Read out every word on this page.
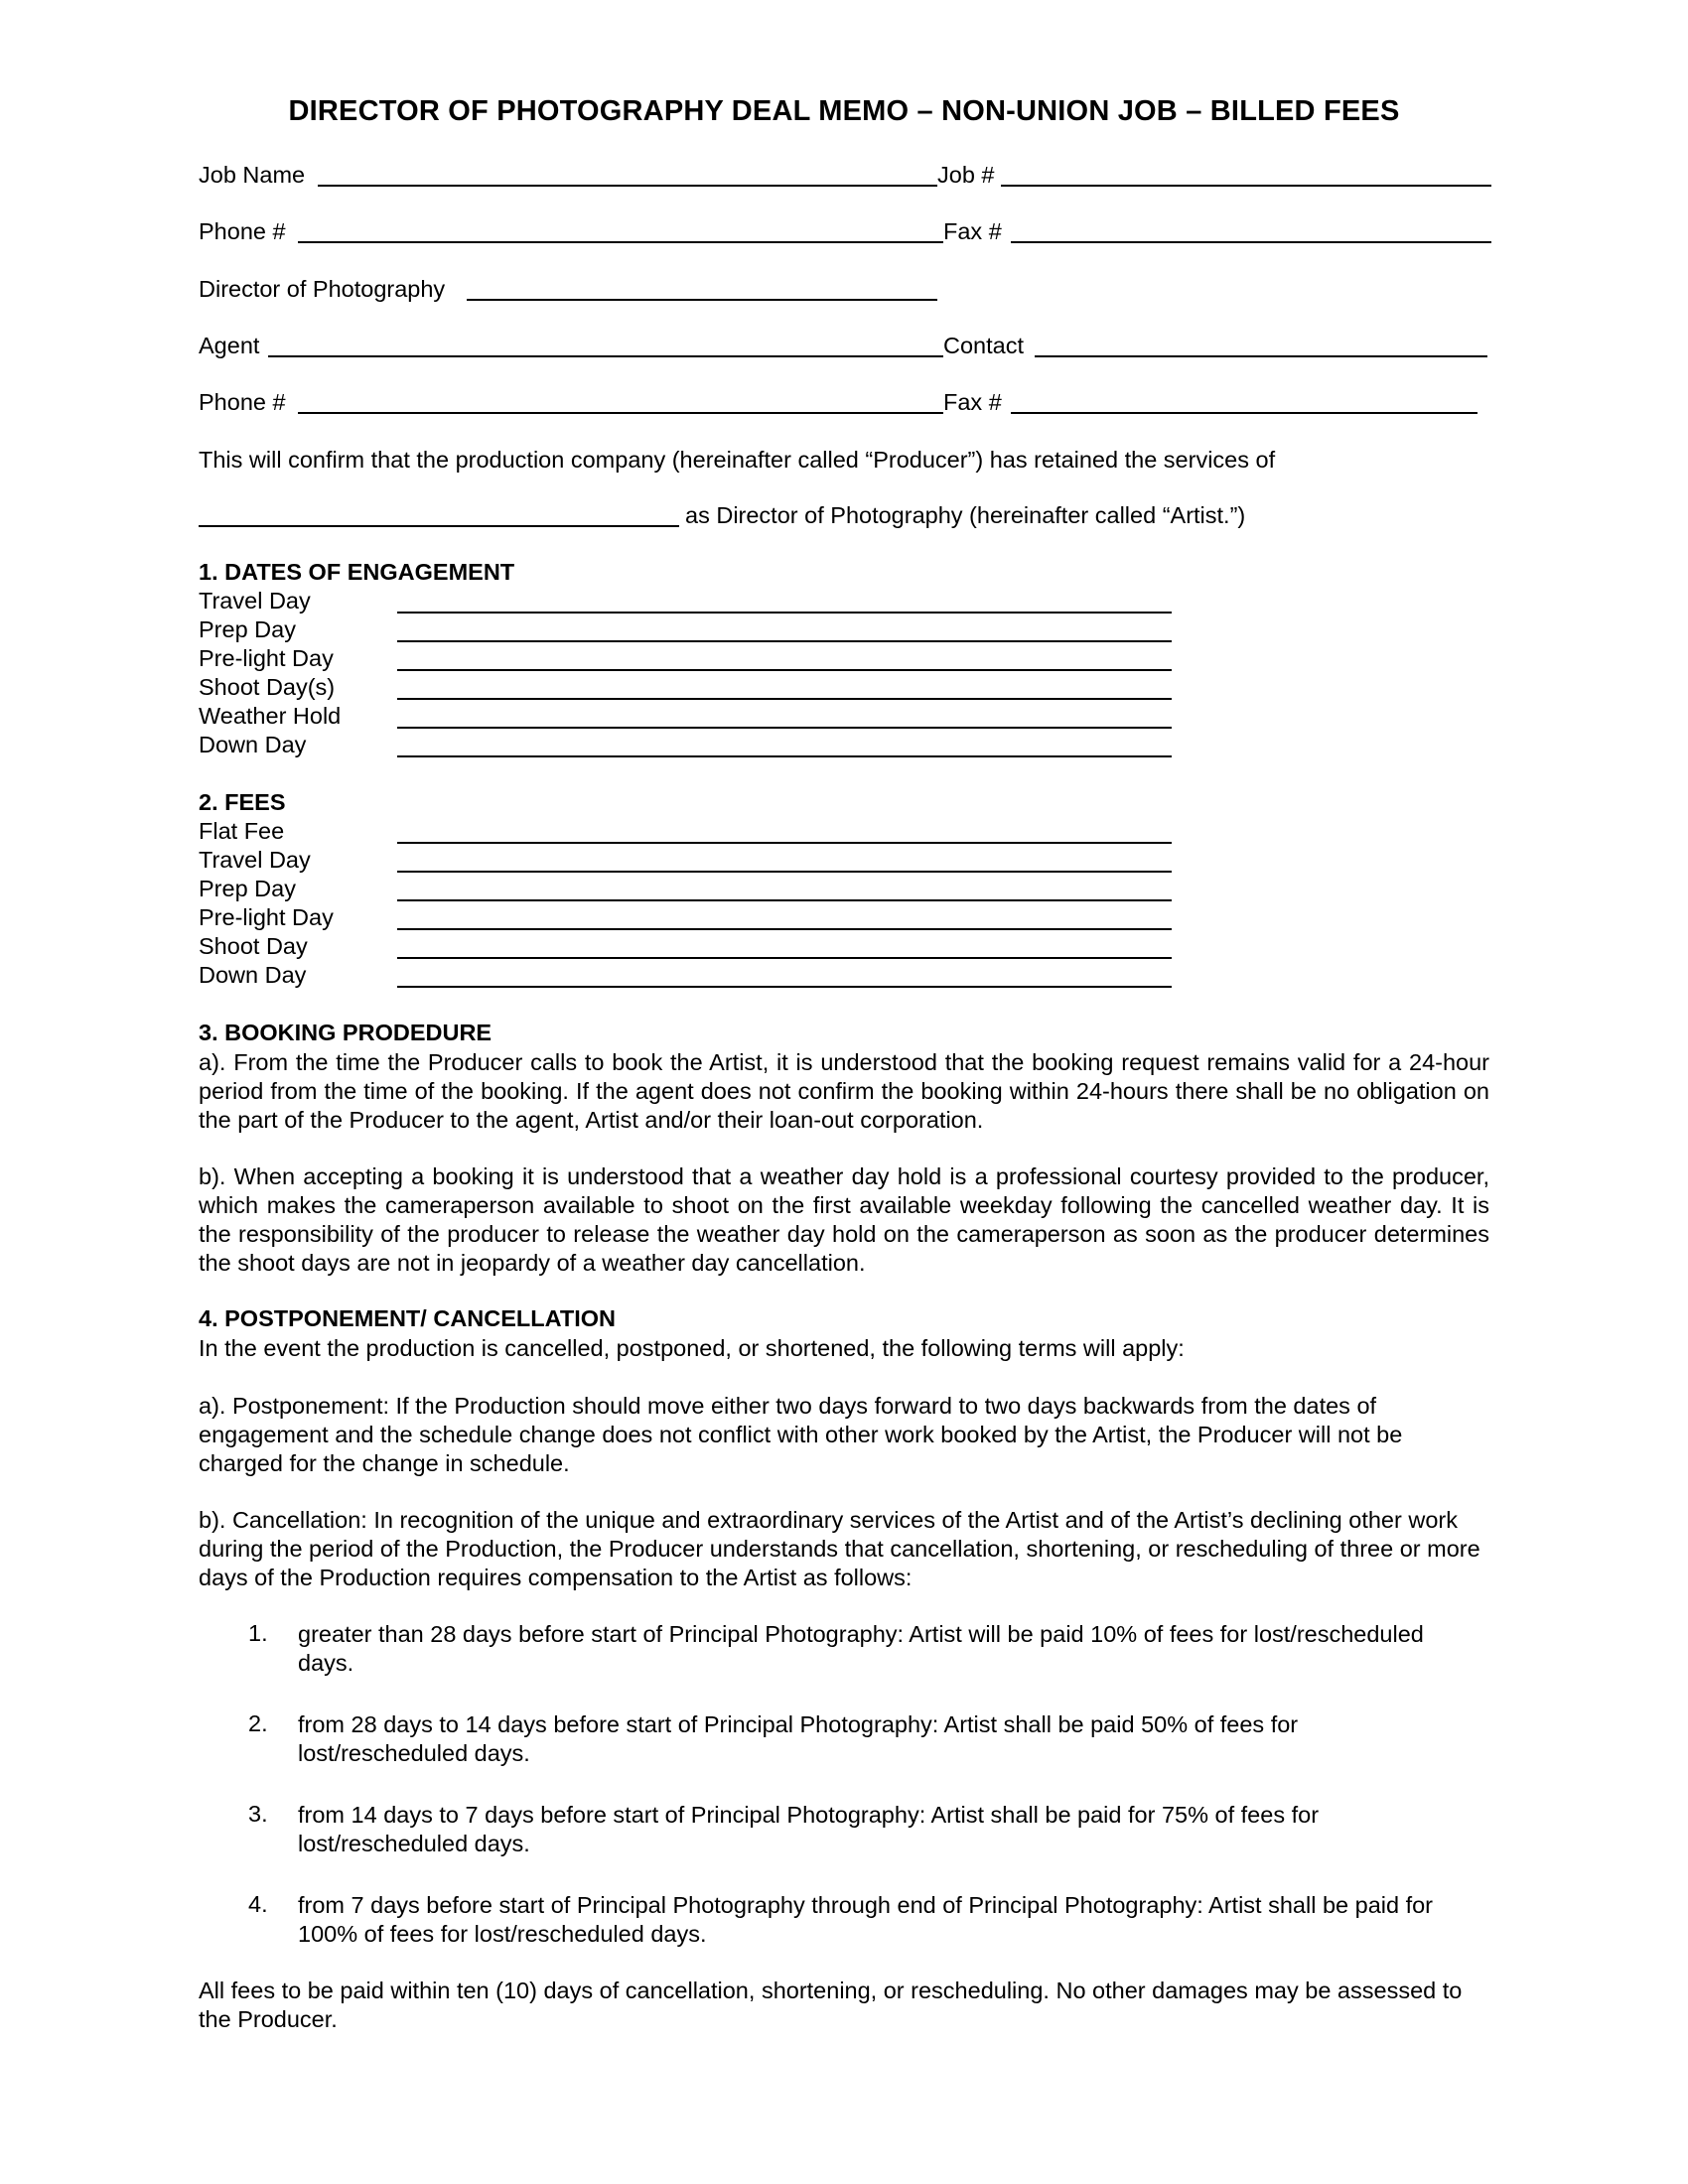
DIRECTOR OF PHOTOGRAPHY DEAL MEMO – NON-UNION JOB – BILLED FEES
Job Name	Job #
Phone #	Fax #
Director of Photography
Agent	Contact
Phone #	Fax #

This will confirm that the production company (hereinafter called “Producer”) has retained the services of

as Director of Photography (hereinafter called “Artist.”)

1. DATES OF ENGAGEMENT

Travel Day
Prep Day
Pre-light Day
Shoot Day(s)
Weather Hold
Down Day

2. FEES

Flat Fee
Travel Day
Prep Day
Pre-light Day
Shoot Day
Down Day

3. BOOKING PRODEDURE

a). From the time the Producer calls to book the Artist, it is understood that the booking request remains valid for a 24-hour period from the time of the booking. If the agent does not confirm the booking within 24-hours there shall be no obligation on the part of the Producer to the agent, Artist and/or their loan-out corporation.

b). When accepting a booking it is understood that a weather day hold is a professional courtesy provided to the producer, which makes the cameraperson available to shoot on the first available weekday following the cancelled weather day. It is the responsibility of the producer to release the weather day hold on the cameraperson as soon as the producer determines the shoot days are not in jeopardy of a weather day cancellation.

4. POSTPONEMENT/ CANCELLATION

In the event the production is cancelled, postponed, or shortened, the following terms will apply:

a). Postponement: If the Production should move either two days forward to two days backwards from the dates of engagement and the schedule change does not conflict with other work booked by the Artist, the Producer will not be charged for the change in schedule.

b). Cancellation: In recognition of the unique and extraordinary services of the Artist and of the Artist’s declining other work during the period of the Production, the Producer understands that cancellation, shortening, or rescheduling of three or more days of the Production requires compensation to the Artist as follows:

1. greater than 28 days before start of Principal Photography: Artist will be paid 10% of fees for lost/rescheduled days.

2. from 28 days to 14 days before start of Principal Photography: Artist shall be paid 50% of fees for lost/rescheduled days.

3. from 14 days to 7 days before start of Principal Photography: Artist shall be paid for 75% of fees for lost/rescheduled days.

4. from 7 days before start of Principal Photography through end of Principal Photography: Artist shall be paid for 100% of fees for lost/rescheduled days.

All fees to be paid within ten (10) days of cancellation, shortening, or rescheduling. No other damages may be assessed to the Producer.
